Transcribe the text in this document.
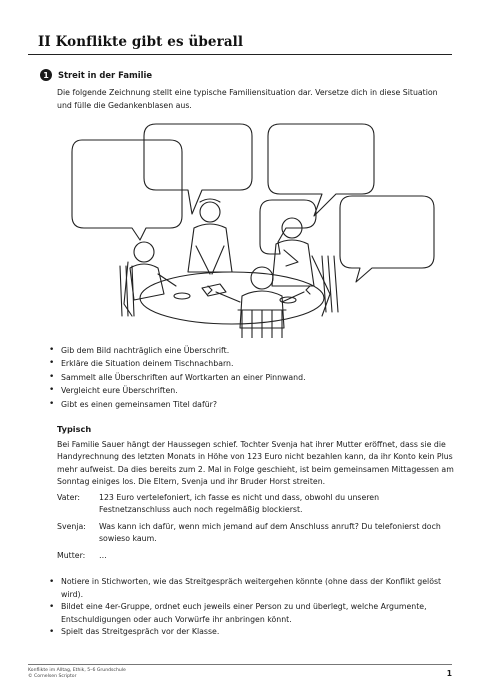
II Konflikte gibt es überall
1	Streit in der Familie

Die folgende Zeichnung stellt eine typische Familiensituation dar. Versetze dich in diese Situation und fülle die Gedankenblasen aus.

• Gib dem Bild nachträglich eine Überschrift.
• Erkläre die Situation deinem Tischnachbarn.
• Sammelt alle Überschriften auf Wortkarten an einer Pinnwand.
• Vergleicht eure Überschriften.
• Gibt es einen gemeinsamen Titel dafür?
Typisch

Bei Familie Sauer hängt der Haussegen schief. Tochter Svenja hat ihrer Mutter eröffnet, dass sie die Handyrechnung des letzten Monats in Höhe von 123 Euro nicht bezahlen kann, da ihr Konto kein Plus mehr aufweist. Da dies bereits zum 2. Mal in Folge geschieht, ist beim gemeinsamen Mittagessen am Sonntag einiges los. Die Eltern, Svenja und ihr Bruder Horst streiten.

Vater:	123 Euro vertelefoniert, ich fasse es nicht und dass, obwohl du unseren Festnetzanschluss auch noch regelmäßig blockierst.
Svenja:	Was kann ich dafür, wenn mich jemand auf dem Anschluss anruft? Du telefonierst doch sowieso kaum.
Mutter:	…
• Notiere in Stichworten, wie das Streitgespräch weitergehen könnte (ohne dass der Konflikt gelöst wird).
• Bildet eine 4er-Gruppe, ordnet euch jeweils einer Person zu und überlegt, welche Argumente, Entschuldigungen oder auch Vorwürfe ihr anbringen könnt.
• Spielt das Streitgespräch vor der Klasse.
Konflikte im Alltag, Ethik, 5–6 Grundschule
© Cornelsen Scriptor	1
